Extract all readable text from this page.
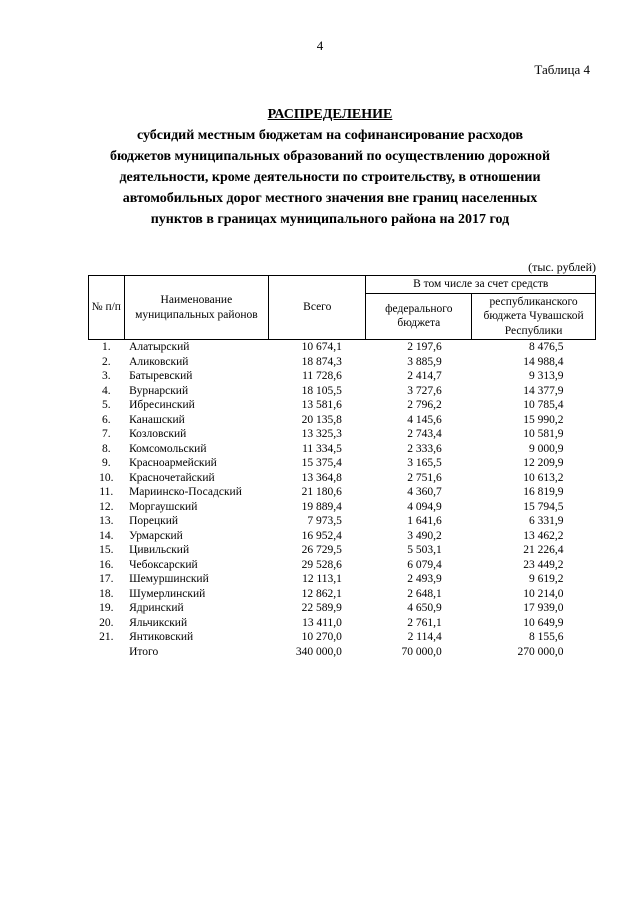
4
Таблица 4
РАСПРЕДЕЛЕНИЕ
субсидий местным бюджетам на софинансирование расходов
бюджетов муниципальных образований по осуществлению дорожной
деятельности, кроме деятельности по строительству, в отношении
автомобильных дорог местного значения вне границ населенных
пунктов в границах муниципального района на 2017 год
(тыс. рублей)
№ п/п	Наименование муниципальных районов	Всего	В том числе за счет средств	
			федерального бюджета	республиканского бюджета Чувашской Республики
1.	Алатырский	10 674,1	2 197,6	8 476,5
2.	Аликовский	18 874,3	3 885,9	14 988,4
3.	Батыревский	11 728,6	2 414,7	9 313,9
4.	Вурнарский	18 105,5	3 727,6	14 377,9
5.	Ибресинский	13 581,6	2 796,2	10 785,4
6.	Канашский	20 135,8	4 145,6	15 990,2
7.	Козловский	13 325,3	2 743,4	10 581,9
8.	Комсомольский	11 334,5	2 333,6	9 000,9
9.	Красноармейский	15 375,4	3 165,5	12 209,9
10.	Красночетайский	13 364,8	2 751,6	10 613,2
11.	Мариинско-Посадский	21 180,6	4 360,7	16 819,9
12.	Моргаушский	19 889,4	4 094,9	15 794,5
13.	Порецкий	7 973,5	1 641,6	6 331,9
14.	Урмарский	16 952,4	3 490,2	13 462,2
15.	Цивильский	26 729,5	5 503,1	21 226,4
16.	Чебоксарский	29 528,6	6 079,4	23 449,2
17.	Шемуршинский	12 113,1	2 493,9	9 619,2
18.	Шумерлинский	12 862,1	2 648,1	10 214,0
19.	Ядринский	22 589,9	4 650,9	17 939,0
20.	Яльчикский	13 411,0	2 761,1	10 649,9
21.	Янтиковский	10 270,0	2 114,4	8 155,6
	Итого	340 000,0	70 000,0	270 000,0
